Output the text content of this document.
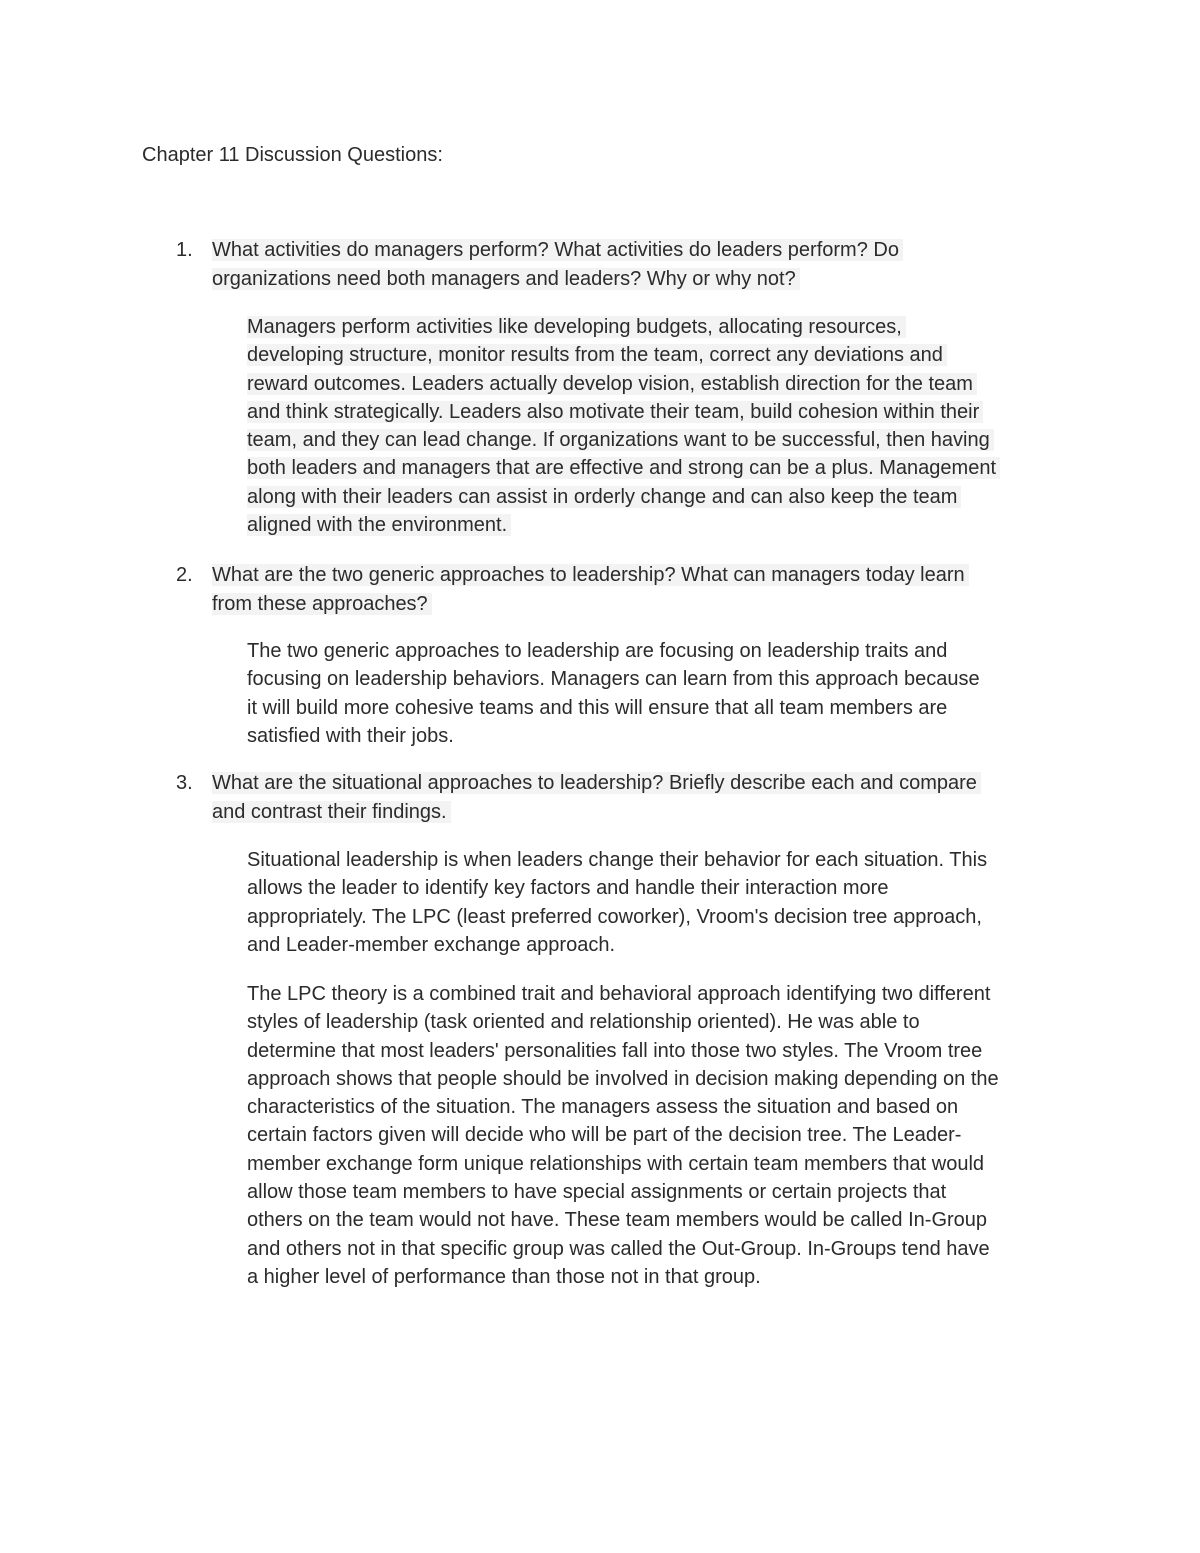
Chapter 11 Discussion Questions:
1. What activities do managers perform? What activities do leaders perform? Do
organizations need both managers and leaders? Why or why not?

Managers perform activities like developing budgets, allocating resources,
developing structure, monitor results from the team, correct any deviations and
reward outcomes. Leaders actually develop vision, establish direction for the team
and think strategically. Leaders also motivate their team, build cohesion within their
team, and they can lead change. If organizations want to be successful, then having
both leaders and managers that are effective and strong can be a plus. Management
along with their leaders can assist in orderly change and can also keep the team
aligned with the environment.

2. What are the two generic approaches to leadership? What can managers today learn
from these approaches?

The two generic approaches to leadership are focusing on leadership traits and
focusing on leadership behaviors. Managers can learn from this approach because
it will build more cohesive teams and this will ensure that all team members are
satisfied with their jobs.

3. What are the situational approaches to leadership? Briefly describe each and compare
and contrast their findings.

Situational leadership is when leaders change their behavior for each situation. This
allows the leader to identify key factors and handle their interaction more
appropriately. The LPC (least preferred coworker), Vroom's decision tree approach,
and Leader-member exchange approach.

The LPC theory is a combined trait and behavioral approach identifying two different
styles of leadership (task oriented and relationship oriented). He was able to
determine that most leaders' personalities fall into those two styles. The Vroom tree
approach shows that people should be involved in decision making depending on the
characteristics of the situation. The managers assess the situation and based on
certain factors given will decide who will be part of the decision tree. The Leader-
member exchange form unique relationships with certain team members that would
allow those team members to have special assignments or certain projects that
others on the team would not have. These team members would be called In-Group
and others not in that specific group was called the Out-Group. In-Groups tend have
a higher level of performance than those not in that group.
